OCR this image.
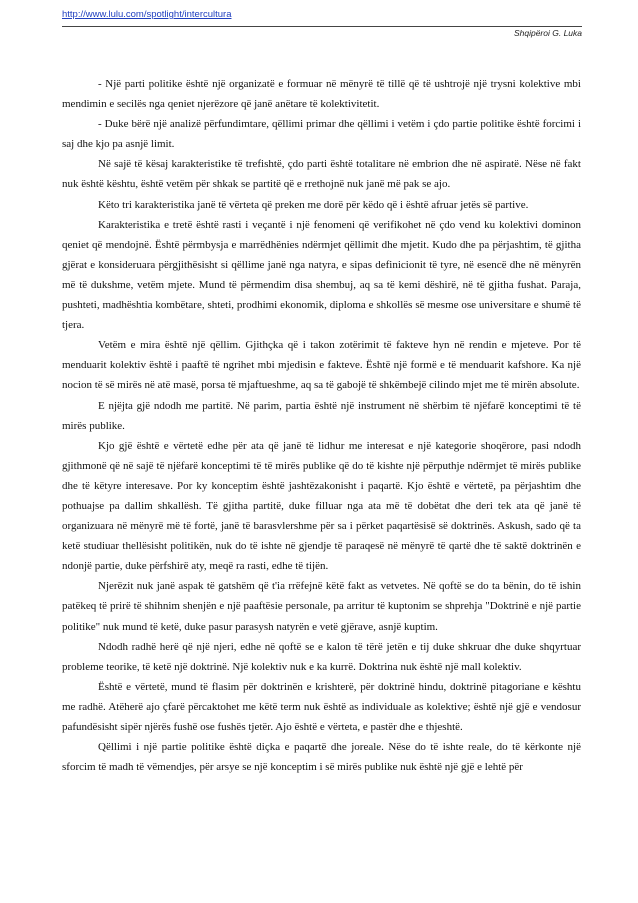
http://www.lulu.com/spotlight/intercultura
Shqipëroi G. Luka

- Një parti politike është një organizatë e formuar në mënyrë të tillë që të ushtrojë një trysni kolektive mbi mendimin e secilës nga qeniet njerëzore që janë anëtare të kolektivitetit.

- Duke bërë një analizë përfundimtare, qëllimi primar dhe qëllimi i vetëm i çdo partie politike është forcimi i saj dhe kjo pa asnjë limit.

Në sajë të kësaj karakteristike të trefishtë, çdo parti është totalitare në embrion dhe në aspiratë. Nëse në fakt nuk është kështu, është vetëm për shkak se partitë që e rrethojnë nuk janë më pak se ajo.

Këto tri karakteristika janë të vërteta që preken me dorë për këdo që i është afruar jetës së partive.

Karakteristika e tretë është rasti i veçantë i një fenomeni që verifikohet në çdo vend ku kolektivi dominon qeniet që mendojnë. Është përmbysja e marrëdhënies ndërmjet qëllimit dhe mjetit. Kudo dhe pa përjashtim, të gjitha gjërat e konsideruara përgjithësisht si qëllime janë nga natyra, e sipas definicionit të tyre, në esencë dhe në mënyrën më të dukshme, vetëm mjete. Mund të përmendim disa shembuj, aq sa të kemi dëshirë, në të gjitha fushat. Paraja, pushteti, madhështia kombëtare, shteti, prodhimi ekonomik, diploma e shkollës së mesme ose universitare e shumë të tjera.

Vetëm e mira është një qëllim. Gjithçka që i takon zotërimit të fakteve hyn në rendin e mjeteve. Por të menduarit kolektiv është i paaftë të ngrihet mbi mjedisin e fakteve. Është një formë e të menduarit kafshore. Ka një nocion të së mirës në atë masë, porsa të mjaftueshme, aq sa të gabojë të shkëmbejë cilindo mjet me të mirën absolute.

E njëjta gjë ndodh me partitë. Në parim, partia është një instrument në shërbim të njëfarë konceptimi të të mirës publike.

Kjo gjë është e vërtetë edhe për ata që janë të lidhur me interesat e një kategorie shoqërore, pasi ndodh gjithmonë që në sajë të njëfarë konceptimi të të mirës publike që do të kishte një përputhje ndërmjet të mirës publike dhe të këtyre interesave. Por ky konceptim është jashtëzakonisht i paqartë. Kjo është e vërtetë, pa përjashtim dhe pothuajse pa dallim shkallësh. Të gjitha partitë, duke filluar nga ata më të dobëtat dhe deri tek ata që janë të organizuara në mënyrë më të fortë, janë të barasvlershme për sa i përket paqartësisë së doktrinës. Askush, sado që ta ketë studiuar thellësisht politikën, nuk do të ishte në gjendje të paraqesë në mënyrë të qartë dhe të saktë doktrinën e ndonjë partie, duke përfshirë aty, meqë ra rasti, edhe të tijën.

Njerëzit nuk janë aspak të gatshëm që t'ia rrëfejnë këtë fakt as vetvetes. Në qoftë se do ta bënin, do të ishin patëkeq të prirë të shihnim shenjën e një paaftësie personale, pa arritur të kuptonim se shprehja "Doktrinë e një partie politike" nuk mund të ketë, duke pasur parasysh natyrën e vetë gjërave, asnjë kuptim.

Ndodh radhë herë që një njeri, edhe në qoftë se e kalon të tërë jetën e tij duke shkruar dhe duke shqyrtuar probleme teorike, të ketë një doktrinë. Një kolektiv nuk e ka kurrë. Doktrina nuk është një mall kolektiv.

Është e vërtetë, mund të flasim për doktrinën e krishterë, për doktrinë hindu, doktrinë pitagoriane e kështu me radhë. Atëherë ajo çfarë përcaktohet me këtë term nuk është as individuale as kolektive; është një gjë e vendosur pafundësisht sipër njërës fushë ose fushës tjetër. Ajo është e vërteta, e pastër dhe e thjeshtë.

Qëllimi i një partie politike është diçka e paqartë dhe joreale. Nëse do të ishte reale, do të kërkonte një sforcim të madh të vëmendjes, për arsye se një konceptim i së mirës publike nuk është një gjë e lehtë për
